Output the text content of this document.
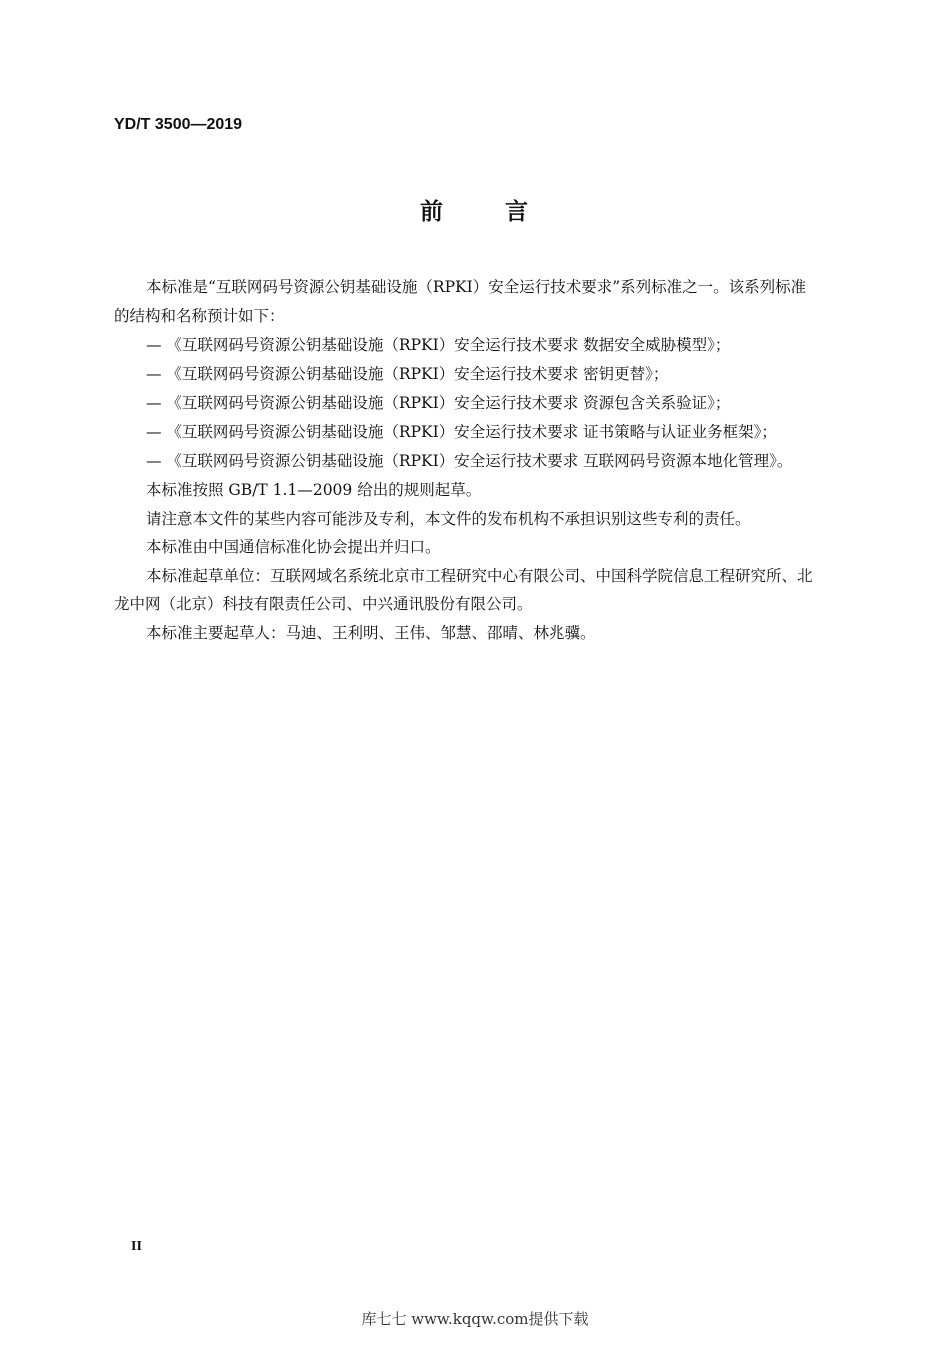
YD/T 3500—2019
前	言
本标准是“互联网码号资源公钥基础设施（RPKI）安全运行技术要求”系列标准之一。该系列标准
的结构和名称预计如下：
— 《互联网码号资源公钥基础设施（RPKI）安全运行技术要求 数据安全威胁模型》；
— 《互联网码号资源公钥基础设施（RPKI）安全运行技术要求 密钥更替》；
— 《互联网码号资源公钥基础设施（RPKI）安全运行技术要求 资源包含关系验证》；
— 《互联网码号资源公钥基础设施（RPKI）安全运行技术要求 证书策略与认证业务框架》；
— 《互联网码号资源公钥基础设施（RPKI）安全运行技术要求 互联网码号资源本地化管理》。
本标准按照 GB/T 1.1—2009 给出的规则起草。
请注意本文件的某些内容可能涉及专利，本文件的发布机构不承担识别这些专利的责任。
本标准由中国通信标准化协会提出并归口。
本标准起草单位：互联网域名系统北京市工程研究中心有限公司、中国科学院信息工程研究所、北
龙中网（北京）科技有限责任公司、中兴通讯股份有限公司。
本标准主要起草人：马迪、王利明、王伟、邹慧、邵晴、林兆骥。
II
库七七 www.kqqw.com提供下载
